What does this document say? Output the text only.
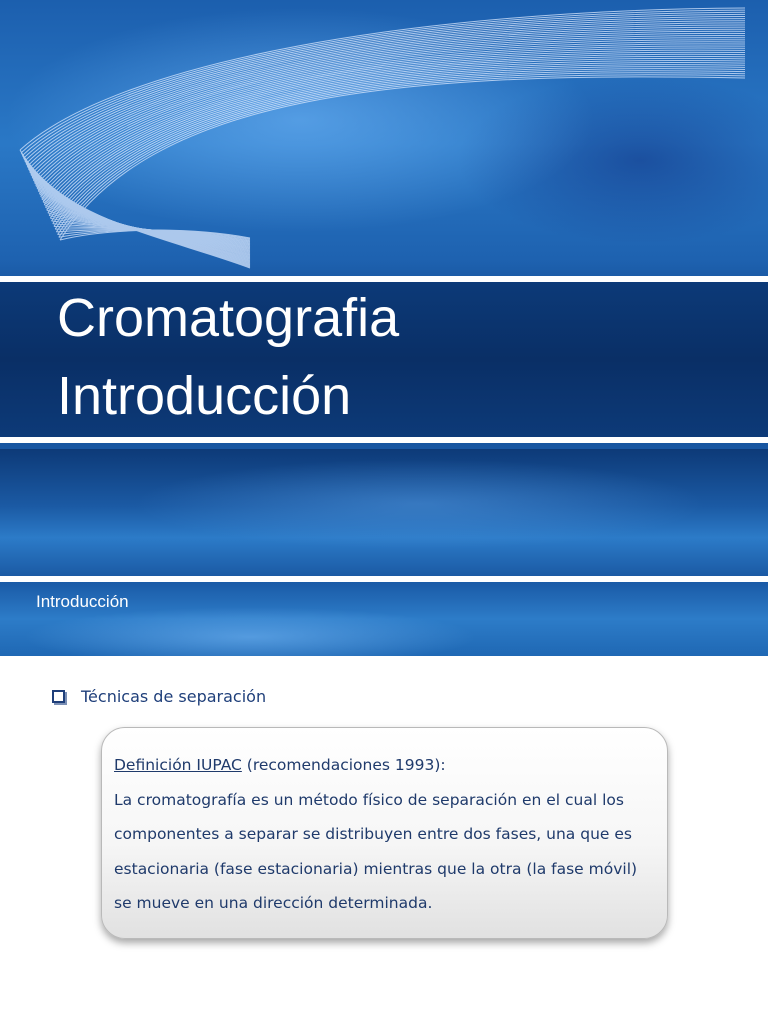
Cromatografia
Introducción
Introducción
Técnicas de separación
Definición IUPAC (recomendaciones 1993):
La cromatografía es un método físico de separación en el cual los
componentes a separar se distribuyen entre dos fases, una que es
estacionaria (fase estacionaria) mientras que la otra (la fase móvil)
se mueve en una dirección determinada.
